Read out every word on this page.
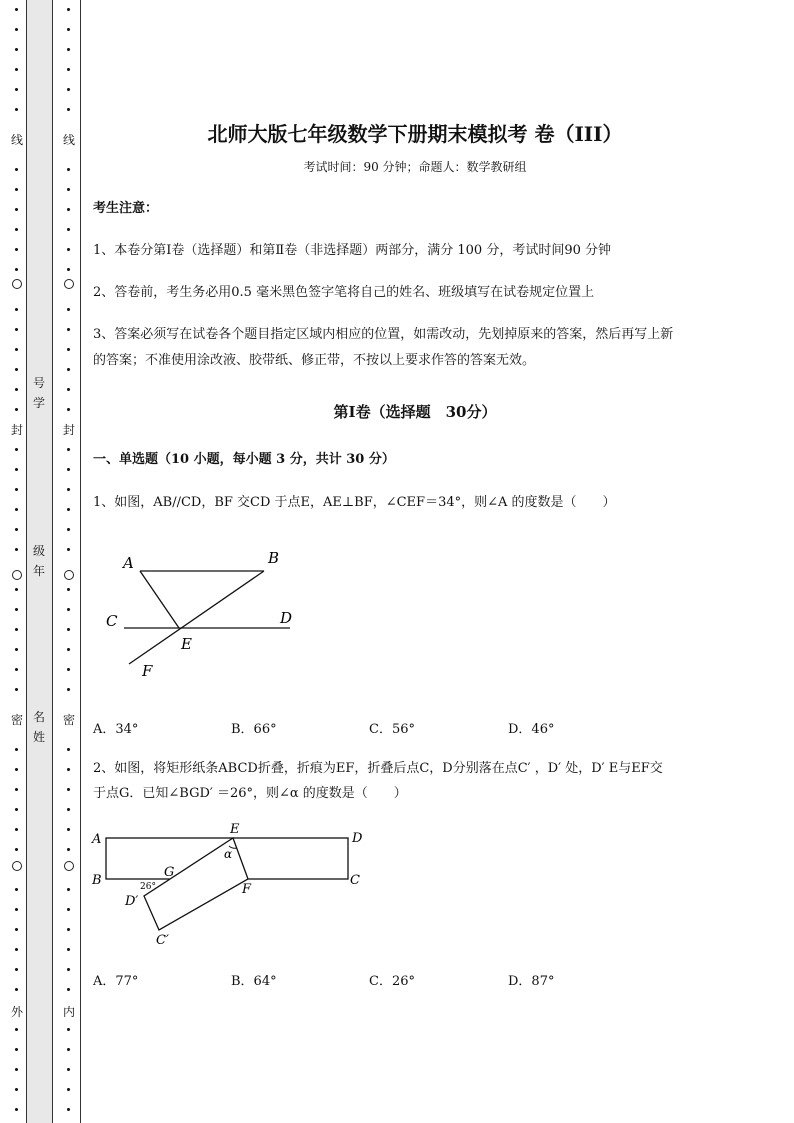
线
封
密
外
线
封
密
内
号
学
级
年
名
姓
北师大版七年级数学下册期末模拟考 卷（III）
考试时间：90 分钟；命题人：数学教研组
考生注意：
1、本卷分第Ⅰ卷（选择题）和第Ⅱ卷（非选择题）两部分，满分 100 分，考试时间90 分钟
2、答卷前，考生务必用0.5 毫米黑色签字笔将自己的姓名、班级填写在试卷规定位置上
3、答案必须写在试卷各个题目指定区域内相应的位置，如需改动，先划掉原来的答案，然后再写上新
的答案；不准使用涂改液、胶带纸、修正带，不按以上要求作答的答案无效。
第Ⅰ卷（选择题　30分）
一、单选题（10 小题，每小题 3 分，共计 30 分）
1、如图，AB//CD，BF 交CD 于点E，AE⊥BF，∠CEF＝34°，则∠A 的度数是（　　）
A	B
C	D
E
F
A．34°	B．66°	C．56°	D．46°
2、如图，将矩形纸条ABCD折叠，折痕为EF，折叠后点C，D分别落在点C′ ，D′ 处，D′ E与EF交
于点G．已知∠BGD′ ＝26°，则∠α 的度数是（　　）
A
B
D
C
E
F
G
D′
C′
26°
α
A．77°	B．64°	C．26°	D．87°
